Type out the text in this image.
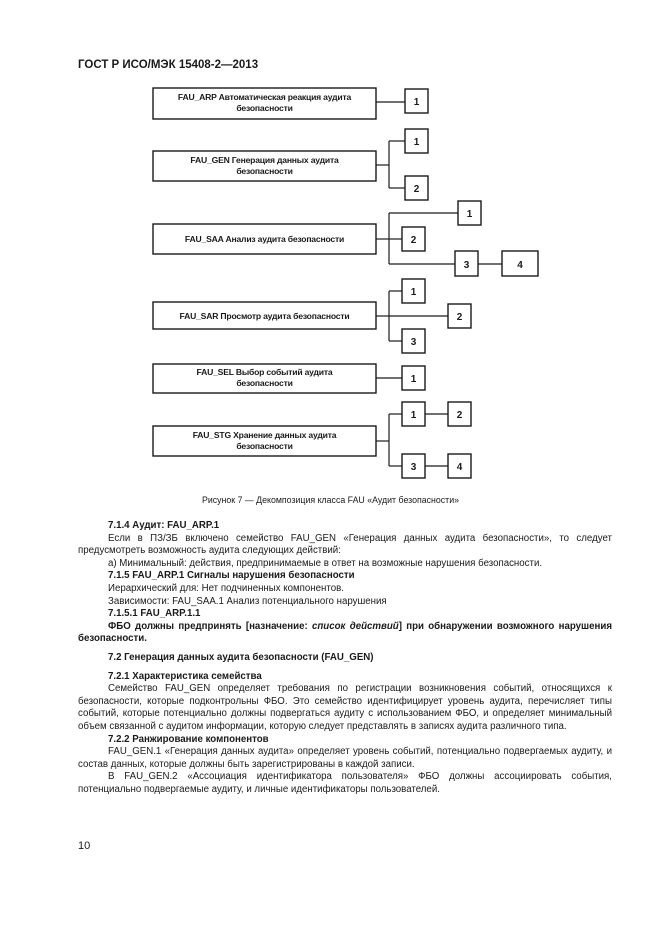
ГОСТ Р ИСО/МЭК 15408-2—2013
FAU_ARP Автоматическая реакция аудита
безопасности
FAU_GEN Генерация данных аудита
безопасности
FAU_SAA Анализ аудита безопасности
FAU_SAR Просмотр аудита безопасности
FAU_SEL Выбор событий аудита
безопасности
FAU_STG Хранение данных аудита
безопасности
1
1
2
1
2
3	4
1
2
3
1
1	2
3	4
Рисунок 7 — Декомпозиция класса FAU «Аудит безопасности»

7.1.4 Аудит: FAU_ARP.1

Если в ПЗ/ЗБ включено семейство FAU_GEN «Генерация данных аудита безопасности», то следует предусмотреть возможность аудита следующих действий:

а) Минимальный: действия, предпринимаемые в ответ на возможные нарушения безопасности.

7.1.5 FAU_ARP.1 Сигналы нарушения безопасности

Иерархический для: Нет подчиненных компонентов.

Зависимости: FAU_SAA.1 Анализ потенциального нарушения

7.1.5.1 FAU_ARP.1.1

ФБО должны предпринять [назначение: список действий] при обнаружении возможного нарушения безопасности.

7.2 Генерация данных аудита безопасности (FAU_GEN)

7.2.1 Характеристика семейства

Семейство FAU_GEN определяет требования по регистрации возникновения событий, относящихся к безопасности, которые подконтрольны ФБО. Это семейство идентифицирует уровень аудита, перечисляет типы событий, которые потенциально должны подвергаться аудиту с использованием ФБО, и определяет минимальный объем связанной с аудитом информации, которую следует представлять в записях аудита различного типа.

7.2.2 Ранжирование компонентов

FAU_GEN.1 «Генерация данных аудита» определяет уровень событий, потенциально подвергаемых аудиту, и состав данных, которые должны быть зарегистрированы в каждой записи.

В FAU_GEN.2 «Ассоциация идентификатора пользователя» ФБО должны ассоциировать события, потенциально подвергаемые аудиту, и личные идентификаторы пользователей.

10
